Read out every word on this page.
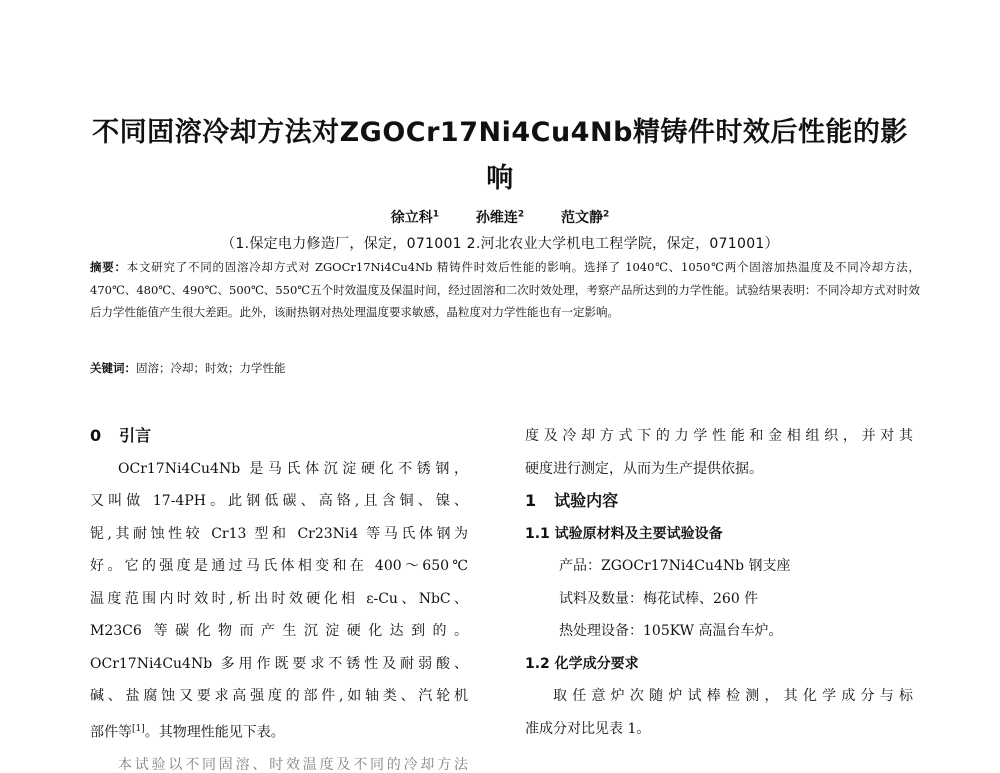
不同固溶冷却方法对ZGOCr17Ni4Cu4Nb精铸件时效后性能的影
响
徐立科$^1$	孙维连$^2$	范文静$^2$
（1.保定电力修造厂，保定，071001 2.河北农业大学机电工程学院，保定，071001）
摘要：本文研究了不同的固溶冷却方式对 ZGOCr17Ni4Cu4Nb 精铸件时效后性能的影响。选择了 1040℃、1050℃两个固溶加热温度及不同冷却方法，470℃、480℃、490℃、500℃、550℃五个时效温度及保温时间，经过固溶和二次时效处理，考察产品所达到的力学性能。试验结果表明：不同冷却方式对时效后力学性能值产生很大差距。此外，该耐热钢对热处理温度要求敏感，晶粒度对力学性能也有一定影响。
关键词：固溶；冷却；时效；力学性能
0 引言
OCr17Ni4Cu4Nb 是马氏体沉淀硬化不锈钢，
又叫做 17-4PH。此钢低碳、高铬,且含铜、镍、
铌,其耐蚀性较 Cr13 型和 Cr23Ni4 等马氏体钢为
好。它的强度是通过马氏体相变和在 400～650℃
温度范围内时效时,析出时效硬化相 ε-Cu、NbC、
M23C6 等碳化物而产生沉淀硬化达到的。
OCr17Ni4Cu4Nb 多用作既要求不锈性及耐弱酸、
碱、盐腐蚀又要求高强度的部件,如轴类、汽轮机
部件等[1]。其物理性能见下表。
本试验以不同固溶、时效温度及不同的冷却方法
度及冷却方式下的力学性能和金相组织，并对其
硬度进行测定，从而为生产提供依据。
1 试验内容
1.1 试验原材料及主要试验设备
产品：ZGOCr17Ni4Cu4Nb 钢支座
试料及数量：梅花试棒、260 件
热处理设备：105KW 高温台车炉。
1.2 化学成分要求
取任意炉次随炉试棒检测，其化学成分与标
准成分对比见表 1。
